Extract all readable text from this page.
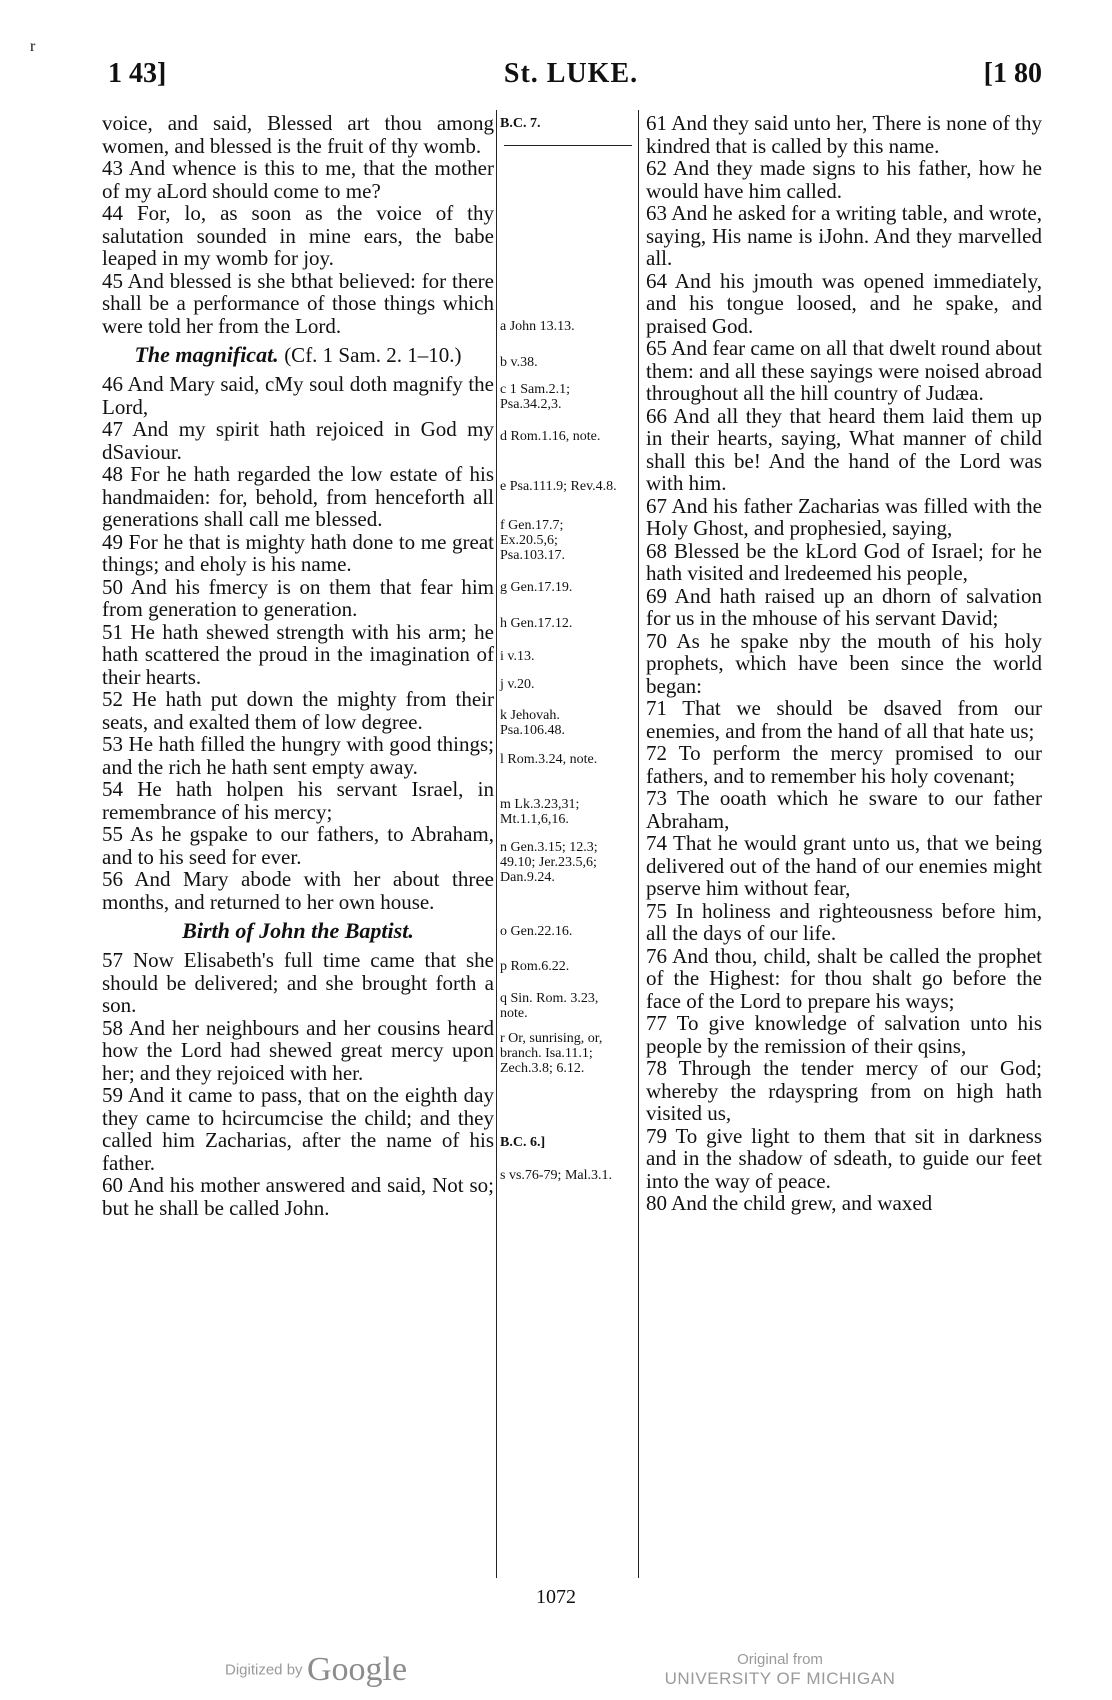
r
1 43]	St. LUKE.	[1 80

voice, and said, Blessed art thou among women, and blessed is the fruit of thy womb.

43 And whence is this to me, that the mother of my aLord should come to me?

44 For, lo, as soon as the voice of thy salutation sounded in mine ears, the babe leaped in my womb for joy.

45 And blessed is she bthat believed: for there shall be a performance of those things which were told her from the Lord.

The magnificat. (Cf. 1 Sam. 2. 1–10.)

46 And Mary said, cMy soul doth magnify the Lord,

47 And my spirit hath rejoiced in God my dSaviour.

48 For he hath regarded the low estate of his handmaiden: for, behold, from henceforth all generations shall call me blessed.

49 For he that is mighty hath done to me great things; and eholy is his name.

50 And his fmercy is on them that fear him from generation to generation.

51 He hath shewed strength with his arm; he hath scattered the proud in the imagination of their hearts.

52 He hath put down the mighty from their seats, and exalted them of low degree.

53 He hath filled the hungry with good things; and the rich he hath sent empty away.

54 He hath holpen his servant Israel, in remembrance of his mercy;

55 As he gspake to our fathers, to Abraham, and to his seed for ever.

56 And Mary abode with her about three months, and returned to her own house.

Birth of John the Baptist.

57 Now Elisabeth's full time came that she should be delivered; and she brought forth a son.

58 And her neighbours and her cousins heard how the Lord had shewed great mercy upon her; and they rejoiced with her.

59 And it came to pass, that on the eighth day they came to hcircumcise the child; and they called him Zacharias, after the name of his father.

60 And his mother answered and said, Not so; but he shall be called John.

B.C. 7.

a John 13.13.

b v.38.

c 1 Sam.2.1; Psa.34.2,3.

d Rom.1.16, note.

e Psa.111.9; Rev.4.8.

f Gen.17.7; Ex.20.5,6; Psa.103.17.

g Gen.17.19.

h Gen.17.12.

i v.13.

j v.20.

k Jehovah. Psa.106.48.

l Rom.3.24, note.

m Lk.3.23,31; Mt.1.1,6,16.

n Gen.3.15; 12.3; 49.10; Jer.23.5,6; Dan.9.24.

o Gen.22.16.

p Rom.6.22.

q Sin. Rom. 3.23, note.

r Or, sunrising, or, branch. Isa.11.1; Zech.3.8; 6.12.

B.C. 6.]

s vs.76-79; Mal.3.1.

61 And they said unto her, There is none of thy kindred that is called by this name.

62 And they made signs to his father, how he would have him called.

63 And he asked for a writing table, and wrote, saying, His name is iJohn. And they marvelled all.

64 And his jmouth was opened immediately, and his tongue loosed, and he spake, and praised God.

65 And fear came on all that dwelt round about them: and all these sayings were noised abroad throughout all the hill country of Judæa.

66 And all they that heard them laid them up in their hearts, saying, What manner of child shall this be! And the hand of the Lord was with him.

67 And his father Zacharias was filled with the Holy Ghost, and prophesied, saying,

68 Blessed be the kLord God of Israel; for he hath visited and lredeemed his people,

69 And hath raised up an dhorn of salvation for us in the mhouse of his servant David;

70 As he spake nby the mouth of his holy prophets, which have been since the world began:

71 That we should be dsaved from our enemies, and from the hand of all that hate us;

72 To perform the mercy promised to our fathers, and to remember his holy covenant;

73 The ooath which he sware to our father Abraham,

74 That he would grant unto us, that we being delivered out of the hand of our enemies might pserve him without fear,

75 In holiness and righteousness before him, all the days of our life.

76 And thou, child, shalt be called the prophet of the Highest: for thou shalt go before the face of the Lord to prepare his ways;

77 To give knowledge of salvation unto his people by the remission of their qsins,

78 Through the tender mercy of our God; whereby the rdayspring from on high hath visited us,

79 To give light to them that sit in darkness and in the shadow of sdeath, to guide our feet into the way of peace.

80 And the child grew, and waxed

1072
Digitized by Google	Original from
UNIVERSITY OF MICHIGAN
